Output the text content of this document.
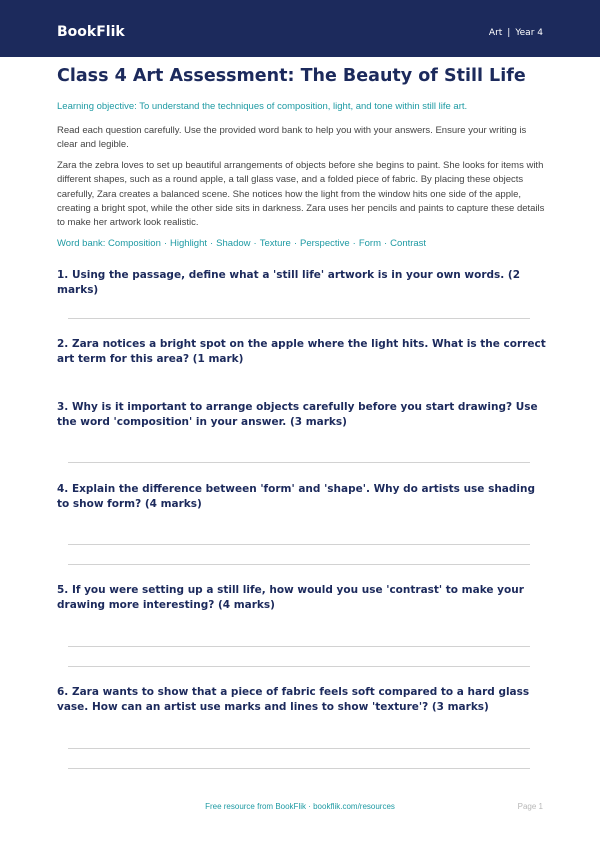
BookFlik	Art | Year 4
Class 4 Art Assessment: The Beauty of Still Life
Learning objective: To understand the techniques of composition, light, and tone within still life art.

Read each question carefully. Use the provided word bank to help you with your answers. Ensure your writing is clear and legible.

Zara the zebra loves to set up beautiful arrangements of objects before she begins to paint. She looks for items with different shapes, such as a round apple, a tall glass vase, and a folded piece of fabric. By placing these objects carefully, Zara creates a balanced scene. She notices how the light from the window hits one side of the apple, creating a bright spot, while the other side sits in darkness. Zara uses her pencils and paints to capture these details to make her artwork look realistic.

Word bank: Composition · Highlight · Shadow · Texture · Perspective · Form · Contrast
1. Using the passage, define what a 'still life' artwork is in your own words. (2 marks)
2. Zara notices a bright spot on the apple where the light hits. What is the correct art term for this area? (1 mark)
3. Why is it important to arrange objects carefully before you start drawing? Use the word 'composition' in your answer. (3 marks)
4. Explain the difference between 'form' and 'shape'. Why do artists use shading to show form? (4 marks)
5. If you were setting up a still life, how would you use 'contrast' to make your drawing more interesting? (4 marks)
6. Zara wants to show that a piece of fabric feels soft compared to a hard glass vase. How can an artist use marks and lines to show 'texture'? (3 marks)
Free resource from BookFlik · bookflik.com/resources	Page 1
